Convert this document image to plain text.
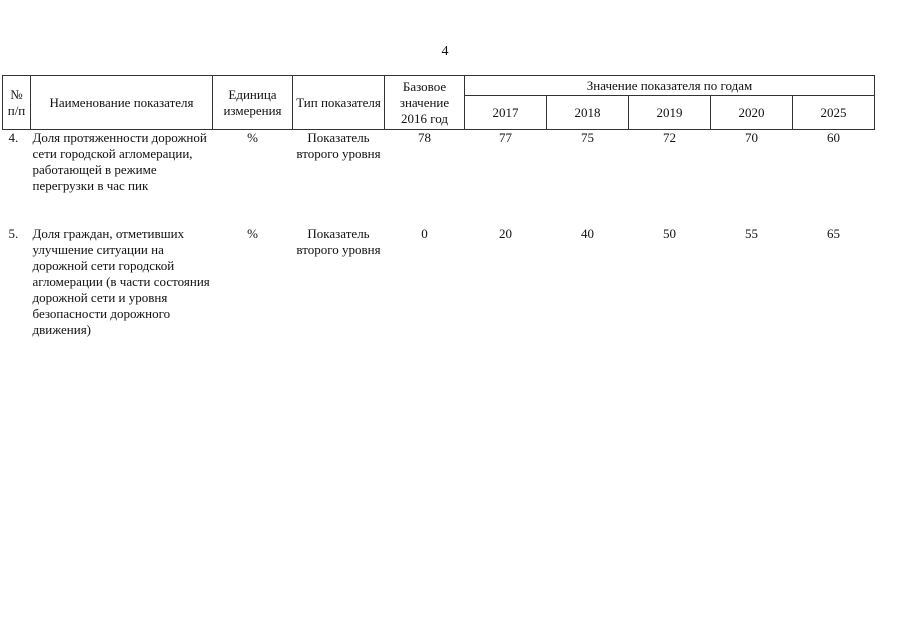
4
№ п/п	Наименование показателя	Единица измерения	Тип показателя	Базовое значение 2016 год	Значение показателя по годам				
					2017	2018	2019	2020	2025
4.	Доля протяженности дорожной сети городской агломерации, работающей в режиме перегрузки в час пик	%	Показатель второго уровня	78	77	75	72	70	60
5.	Доля граждан, отметивших улучшение ситуации на дорожной сети городской агломерации (в части состояния дорожной сети и уровня безопасности дорожного движения)	%	Показатель второго уровня	0	20	40	50	55	65
